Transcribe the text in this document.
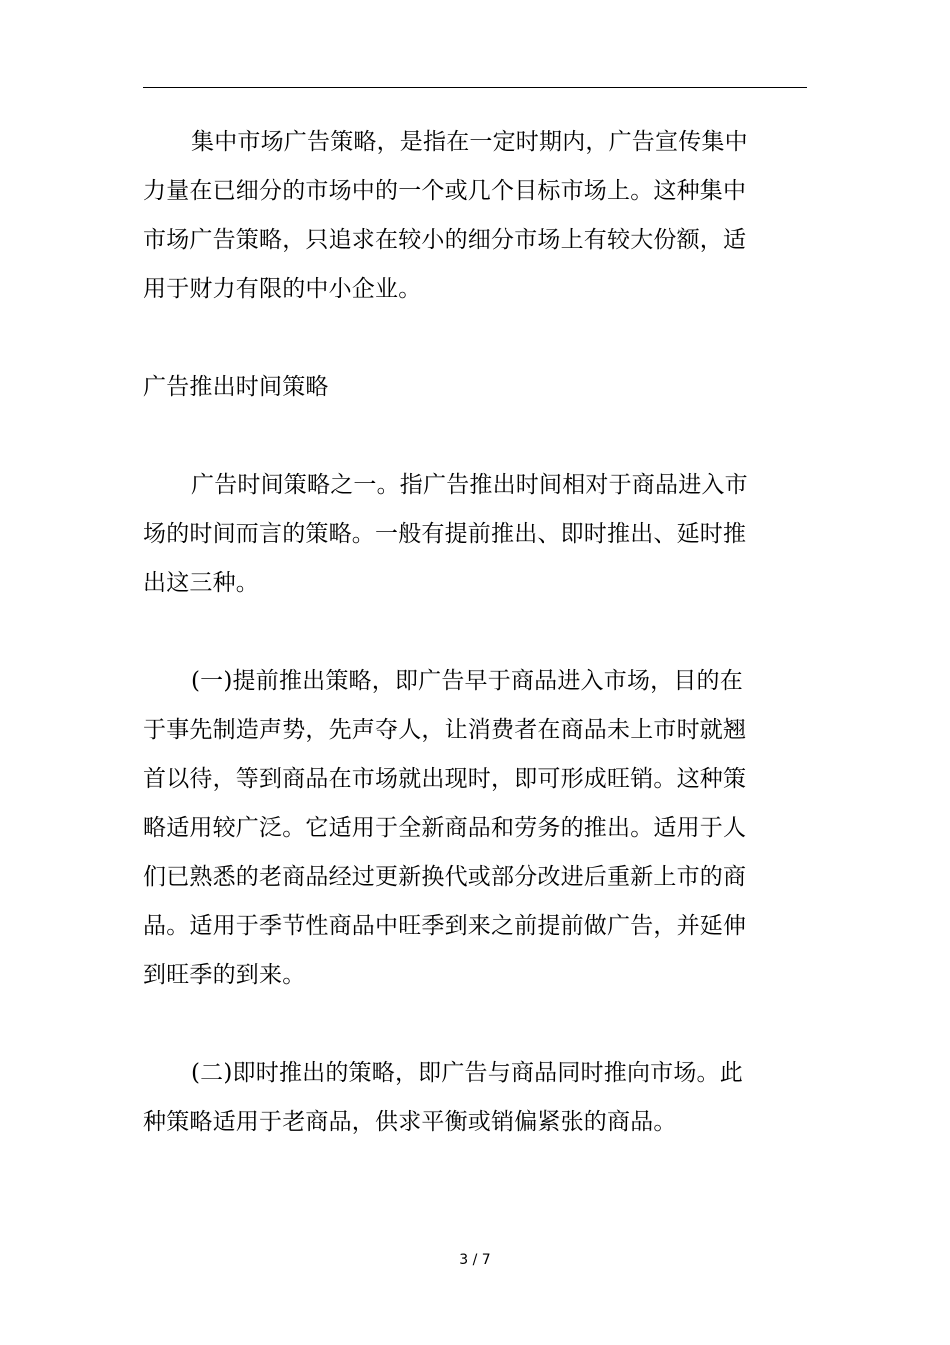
集中市场广告策略，是指在一定时期内，广告宣传集中力量在已细分的市场中的一个或几个目标市场上。这种集中市场广告策略，只追求在较小的细分市场上有较大份额，适用于财力有限的中小企业。

广告推出时间策略

广告时间策略之一。指广告推出时间相对于商品进入市场的时间而言的策略。一般有提前推出、即时推出、延时推出这三种。

(一)提前推出策略，即广告早于商品进入市场，目的在于事先制造声势，先声夺人，让消费者在商品未上市时就翘首以待，等到商品在市场就出现时，即可形成旺销。这种策略适用较广泛。它适用于全新商品和劳务的推出。适用于人们已熟悉的老商品经过更新换代或部分改进后重新上市的商品。适用于季节性商品中旺季到来之前提前做广告，并延伸到旺季的到来。

(二)即时推出的策略，即广告与商品同时推向市场。此种策略适用于老商品，供求平衡或销偏紧张的商品。

3 / 7
